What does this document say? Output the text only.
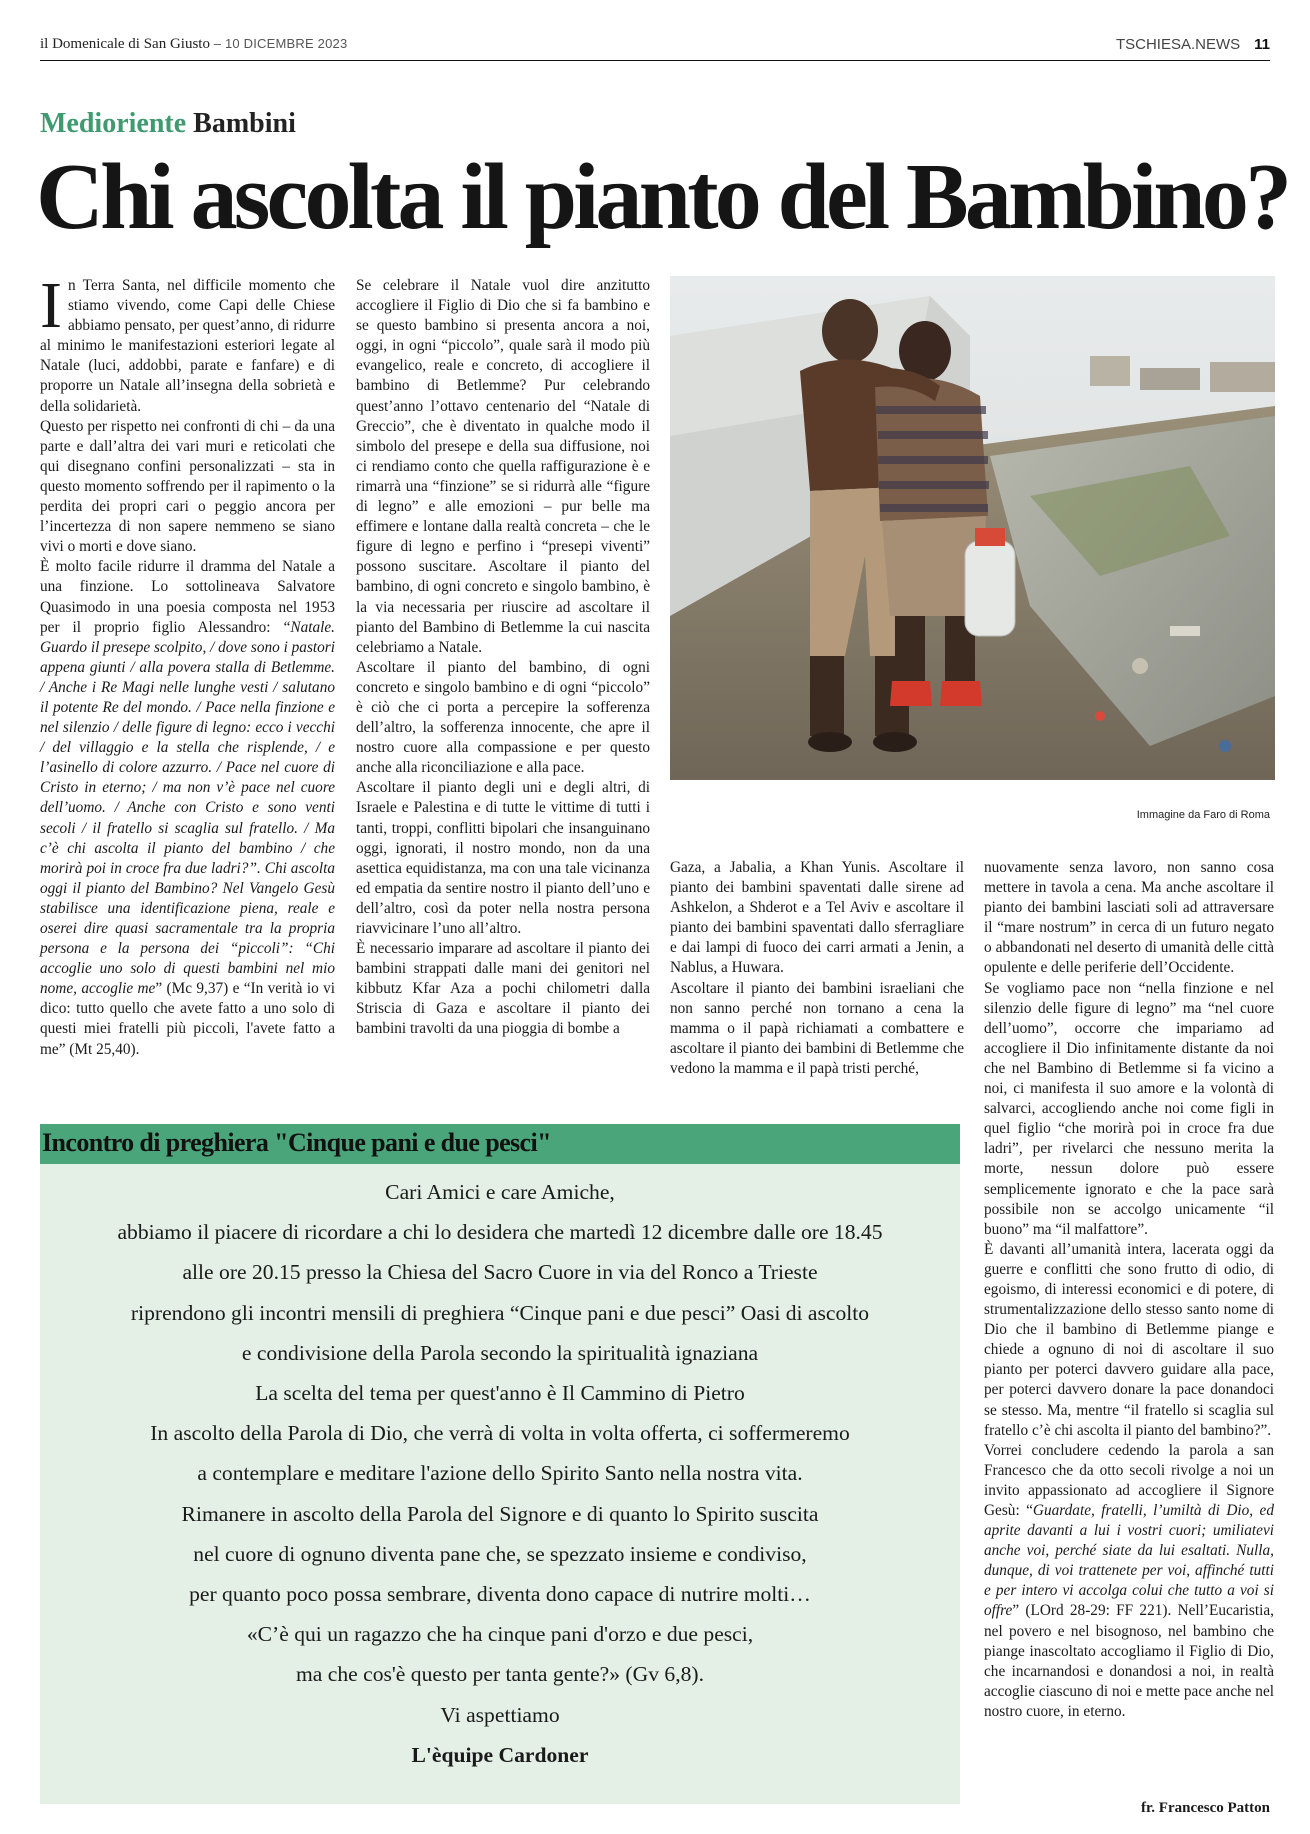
il Domenicale di San Giusto – 10 DICEMBRE 2023	TSCHIESA.NEWS 11
Medioriente Bambini
Chi ascolta il pianto del Bambino?

In Terra Santa, nel difficile momento che stiamo vivendo, come Capi delle Chiese abbiamo pensato, per quest’anno, di ridurre al minimo le manifestazioni esteriori legate al Natale (luci, addobbi, parate e fanfare) e di proporre un Natale all’insegna della sobrietà e della solidarietà.

Questo per rispetto nei confronti di chi – da una parte e dall’altra dei vari muri e reticolati che qui disegnano confini personalizzati – sta in questo momento soffrendo per il rapimento o la perdita dei propri cari o peggio ancora per l’incertezza di non sapere nemmeno se siano vivi o morti e dove siano.

È molto facile ridurre il dramma del Natale a una finzione. Lo sottolineava Salvatore Quasimodo in una poesia composta nel 1953 per il proprio figlio Alessandro: “Natale. Guardo il presepe scolpito, / dove sono i pastori appena giunti / alla povera stalla di Betlemme. / Anche i Re Magi nelle lunghe vesti / salutano il potente Re del mondo. / Pace nella finzione e nel silenzio / delle figure di legno: ecco i vecchi / del villaggio e la stella che risplende, / e l’asinello di colore azzurro. / Pace nel cuore di Cristo in eterno; / ma non v’è pace nel cuore dell’uomo. / Anche con Cristo e sono venti secoli / il fratello si scaglia sul fratello. / Ma c’è chi ascolta il pianto del bambino / che morirà poi in croce fra due ladri?”. Chi ascolta oggi il pianto del Bambino? Nel Vangelo Gesù stabilisce una identificazione piena, reale e oserei dire quasi sacramentale tra la propria persona e la persona dei “piccoli”: “Chi accoglie uno solo di questi bambini nel mio nome, accoglie me” (Mc 9,37) e “In verità io vi dico: tutto quello che avete fatto a uno solo di questi miei fratelli più piccoli, l'avete fatto a me” (Mt 25,40).

Se celebrare il Natale vuol dire anzitutto accogliere il Figlio di Dio che si fa bambino e se questo bambino si presenta ancora a noi, oggi, in ogni “piccolo”, quale sarà il modo più evangelico, reale e concreto, di accogliere il bambino di Betlemme? Pur celebrando quest’anno l’ottavo centenario del “Natale di Greccio”, che è diventato in qualche modo il simbolo del presepe e della sua diffusione, noi ci rendiamo conto che quella raffigurazione è e rimarrà una “finzione” se si ridurrà alle “figure di legno” e alle emozioni – pur belle ma effimere e lontane dalla realtà concreta – che le figure di legno e perfino i “presepi viventi” possono suscitare. Ascoltare il pianto del bambino, di ogni concreto e singolo bambino, è la via necessaria per riuscire ad ascoltare il pianto del Bambino di Betlemme la cui nascita celebriamo a Natale.

Ascoltare il pianto del bambino, di ogni concreto e singolo bambino e di ogni “piccolo” è ciò che ci porta a percepire la sofferenza dell’altro, la sofferenza innocente, che apre il nostro cuore alla compassione e per questo anche alla riconciliazione e alla pace.

Ascoltare il pianto degli uni e degli altri, di Israele e Palestina e di tutte le vittime di tutti i tanti, troppi, conflitti bipolari che insanguinano oggi, ignorati, il nostro mondo, non da una asettica equidistanza, ma con una tale vicinanza ed empatia da sentire nostro il pianto dell’uno e dell’altro, così da poter nella nostra persona riavvicinare l’uno all’altro.

È necessario imparare ad ascoltare il pianto dei bambini strappati dalle mani dei genitori nel kibbutz Kfar Aza a pochi chilometri dalla Striscia di Gaza e ascoltare il pianto dei bambini travolti da una pioggia di bombe a

Gaza, a Jabalia, a Khan Yunis. Ascoltare il pianto dei bambini spaventati dalle sirene ad Ashkelon, a Shderot e a Tel Aviv e ascoltare il pianto dei bambini spaventati dallo sferragliare e dai lampi di fuoco dei carri armati a Jenin, a Nablus, a Huwara.

Ascoltare il pianto dei bambini israeliani che non sanno perché non tornano a cena la mamma o il papà richiamati a combattere e ascoltare il pianto dei bambini di Betlemme che vedono la mamma e il papà tristi perché,

nuovamente senza lavoro, non sanno cosa mettere in tavola a cena. Ma anche ascoltare il pianto dei bambini lasciati soli ad attraversare il “mare nostrum” in cerca di un futuro negato o abbandonati nel deserto di umanità delle città opulente e delle periferie dell’Occidente.

Se vogliamo pace non “nella finzione e nel silenzio delle figure di legno” ma “nel cuore dell’uomo”, occorre che impariamo ad accogliere il Dio infinitamente distante da noi che nel Bambino di Betlemme si fa vicino a noi, ci manifesta il suo amore e la volontà di salvarci, accogliendo anche noi come figli in quel figlio “che morirà poi in croce fra due ladri”, per rivelarci che nessuno merita la morte, nessun dolore può essere semplicemente ignorato e che la pace sarà possibile non se accolgo unicamente “il buono” ma “il malfattore”.

È davanti all’umanità intera, lacerata oggi da guerre e conflitti che sono frutto di odio, di egoismo, di interessi economici e di potere, di strumentalizzazione dello stesso santo nome di Dio che il bambino di Betlemme piange e chiede a ognuno di noi di ascoltare il suo pianto per poterci davvero guidare alla pace, per poterci davvero donare la pace donandoci se stesso. Ma, mentre “il fratello si scaglia sul fratello c’è chi ascolta il pianto del bambino?”.

Vorrei concludere cedendo la parola a san Francesco che da otto secoli rivolge a noi un invito appassionato ad accogliere il Signore Gesù: “Guardate, fratelli, l’umiltà di Dio, ed aprite davanti a lui i vostri cuori; umiliatevi anche voi, perché siate da lui esaltati. Nulla, dunque, di voi trattenete per voi, affinché tutti e per intero vi accolga colui che tutto a voi si offre” (LOrd 28-29: FF 221). Nell’Eucaristia, nel povero e nel bisognoso, nel bambino che piange inascoltato accogliamo il Figlio di Dio, che incarnandosi e donandosi a noi, in realtà accoglie ciascuno di noi e mette pace anche nel nostro cuore, in eterno.

Immagine da Faro di Roma
Incontro di preghiera "Cinque pani e due pesci"
Cari Amici e care Amiche,
abbiamo il piacere di ricordare a chi lo desidera che martedì 12 dicembre dalle ore 18.45
alle ore 20.15 presso la Chiesa del Sacro Cuore in via del Ronco a Trieste
riprendono gli incontri mensili di preghiera “Cinque pani e due pesci” Oasi di ascolto
e condivisione della Parola secondo la spiritualità ignaziana
La scelta del tema per quest'anno è Il Cammino di Pietro
In ascolto della Parola di Dio, che verrà di volta in volta offerta, ci soffermeremo
a contemplare e meditare l'azione dello Spirito Santo nella nostra vita.
Rimanere in ascolto della Parola del Signore e di quanto lo Spirito suscita
nel cuore di ognuno diventa pane che, se spezzato insieme e condiviso,
per quanto poco possa sembrare, diventa dono capace di nutrire molti…
«C’è qui un ragazzo che ha cinque pani d'orzo e due pesci,
ma che cos'è questo per tanta gente?» (Gv 6,8).
Vi aspettiamo
L'èquipe Cardoner
fr. Francesco Patton
